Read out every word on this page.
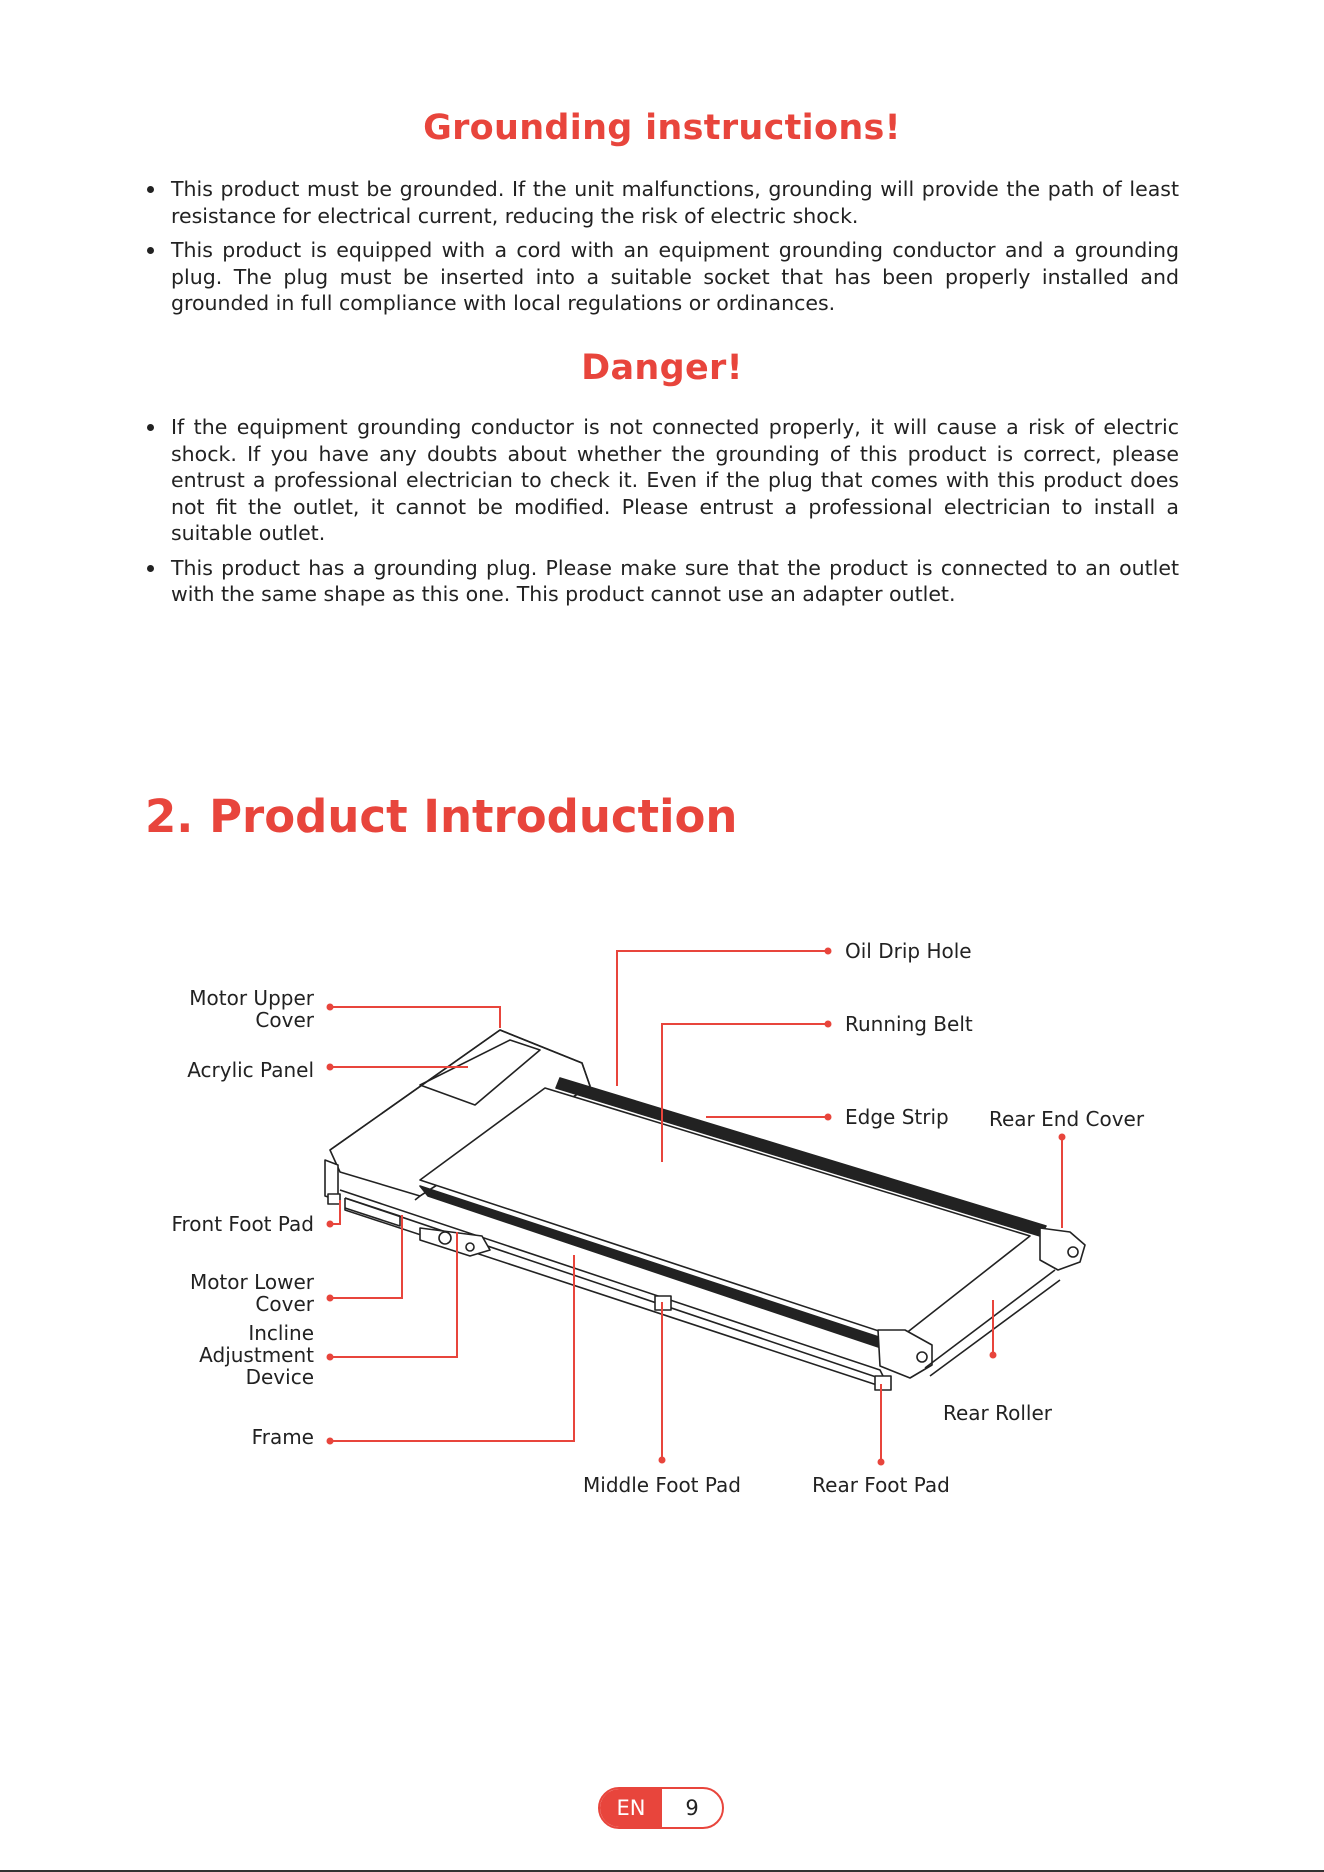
Grounding instructions!
This product must be grounded. If the unit malfunctions, grounding will provide the path of least resistance for electrical current, reducing the risk of electric shock.
This product is equipped with a cord with an equipment grounding conductor and a grounding plug. The plug must be inserted into a suitable socket that has been properly installed and grounded in full compliance with local regulations or ordinances.
Danger!
If the equipment grounding conductor is not connected properly, it will cause a risk of electric shock. If you have any doubts about whether the grounding of this product is correct, please entrust a professional electrician to check it. Even if the plug that comes with this product does not fit the outlet, it cannot be modified. Please entrust a professional electrician to install a suitable outlet.
This product has a grounding plug. Please make sure that the product is connected to an outlet with the same shape as this one. This product cannot use an adapter outlet.
2. Product Introduction
Motor Upper
Cover
Acrylic Panel
Front Foot Pad
Motor Lower
Cover
Incline
Adjustment
Device
Frame
Oil Drip Hole
Running Belt
Edge Strip Rear End Cover
Rear Roller
Middle Foot Pad	Rear Foot Pad
EN	9
